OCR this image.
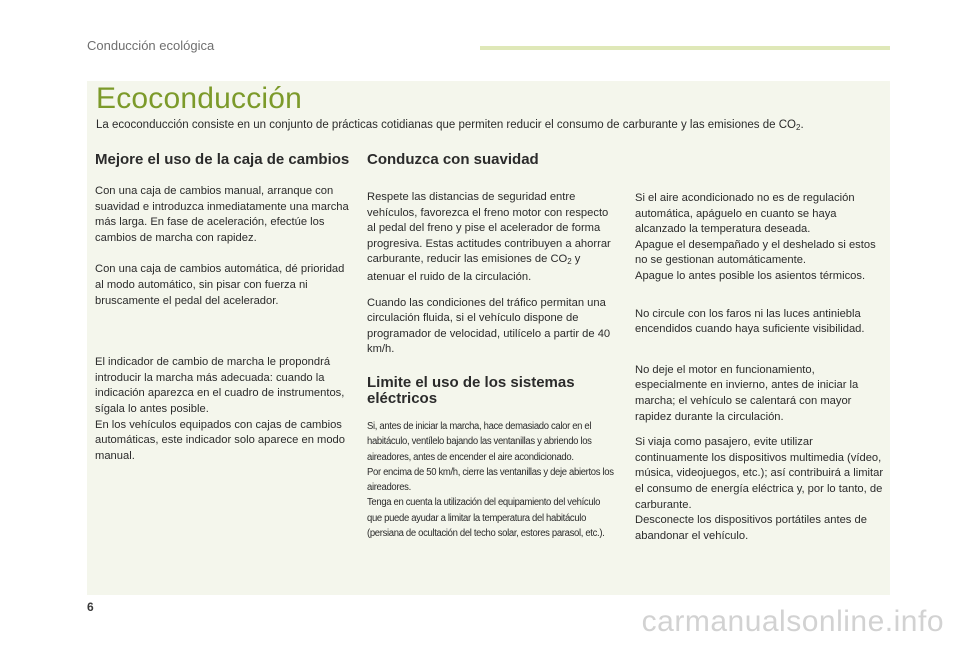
Conducción ecológica
Ecoconducción
La ecoconducción consiste en un conjunto de prácticas cotidianas que permiten reducir el consumo de carburante y las emisiones de $CO_2$.
Mejore el uso de la caja de cambios

Con una caja de cambios manual, arranque con suavidad e introduzca inmediatamente una marcha más larga. En fase de aceleración, efectúe los cambios de marcha con rapidez.

Con una caja de cambios automática, dé prioridad al modo automático, sin pisar con fuerza ni bruscamente el pedal del acelerador.

El indicador de cambio de marcha le propondrá introducir la marcha más adecuada: cuando la indicación aparezca en el cuadro de instrumentos, sígala lo antes posible.

En los vehículos equipados con cajas de cambios automáticas, este indicador solo aparece en modo manual.

Conduzca con suavidad

Respete las distancias de seguridad entre vehículos, favorezca el freno motor con respecto al pedal del freno y pise el acelerador de forma progresiva. Estas actitudes contribuyen a ahorrar carburante, reducir las emisiones de $CO_2$ y atenuar el ruido de la circulación.

Cuando las condiciones del tráfico permitan una circulación fluida, si el vehículo dispone de programador de velocidad, utilícelo a partir de 40 km/h.

Limite el uso de los sistemas eléctricos

Si, antes de iniciar la marcha, hace demasiado calor en el habitáculo, ventílelo bajando las ventanillas y abriendo los aireadores, antes de encender el aire acondicionado.

Por encima de 50 km/h, cierre las ventanillas y deje abiertos los aireadores.

Tenga en cuenta la utilización del equipamiento del vehículo que puede ayudar a limitar la temperatura del habitáculo (persiana de ocultación del techo solar, estores parasol, etc.).

Si el aire acondicionado no es de regulación automática, apáguelo en cuanto se haya alcanzado la temperatura deseada.

Apague el desempañado y el deshelado si estos no se gestionan automáticamente.

Apague lo antes posible los asientos térmicos.

No circule con los faros ni las luces antiniebla encendidos cuando haya suficiente visibilidad.

No deje el motor en funcionamiento, especialmente en invierno, antes de iniciar la marcha; el vehículo se calentará con mayor rapidez durante la circulación.

Si viaja como pasajero, evite utilizar continuamente los dispositivos multimedia (vídeo, música, videojuegos, etc.); así contribuirá a limitar el consumo de energía eléctrica y, por lo tanto, de carburante.

Desconecte los dispositivos portátiles antes de abandonar el vehículo.

6	carmanualsonline.info
